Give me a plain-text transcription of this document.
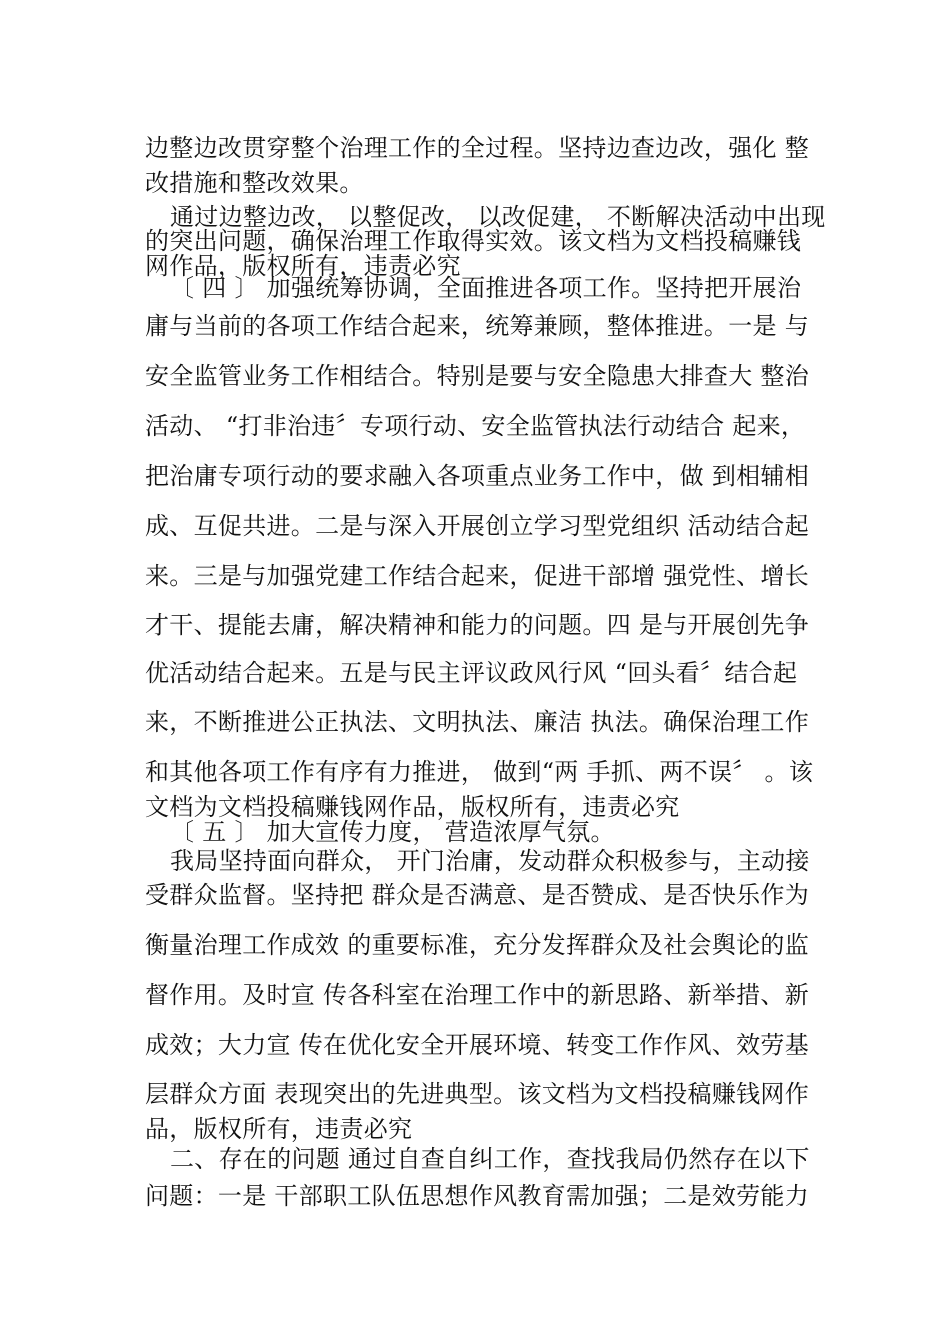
边整边改贯穿整个治理工作的全过程。坚持边查边改，强化 整
改措施和整改效果。
通过边整边改， 以整促改， 以改促建， 不断解决活动中出现
的突出问题，确保治理工作取得实效。该文档为文档投稿赚钱
网作品，版权所有，违责必究
〔 四 〕 加强统筹协调，全面推进各项工作。坚持把开展治
庸与当前的各项工作结合起来，统筹兼顾，整体推进。一是 与
安全监管业务工作相结合。特别是要与安全隐患大排查大 整治
活动、 “打非治违〞专项行动、安全监管执法行动结合 起来，
把治庸专项行动的要求融入各项重点业务工作中，做 到相辅相
成、互促共进。二是与深入开展创立学习型党组织 活动结合起
来。三是与加强党建工作结合起来，促进干部增 强党性、增长
才干、提能去庸，解决精神和能力的问题。四 是与开展创先争
优活动结合起来。五是与民主评议政风行风 “回头看〞结合起
来，不断推进公正执法、文明执法、廉洁 执法。确保治理工作
和其他各项工作有序有力推进， 做到“两 手抓、两不误〞 。该
文档为文档投稿赚钱网作品，版权所有，违责必究
〔 五 〕 加大宣传力度， 营造浓厚气氛。
我局坚持面向群众， 开门治庸，发动群众积极参与，主动接
受群众监督。坚持把 群众是否满意、是否赞成、是否快乐作为
衡量治理工作成效 的重要标准，充分发挥群众及社会舆论的监
督作用。及时宣 传各科室在治理工作中的新思路、新举措、新
成效；大力宣 传在优化安全开展环境、转变工作作风、效劳基
层群众方面 表现突出的先进典型。该文档为文档投稿赚钱网作
品，版权所有，违责必究
二、存在的问题 通过自查自纠工作，查找我局仍然存在以下
问题：一是 干部职工队伍思想作风教育需加强；二是效劳能力
